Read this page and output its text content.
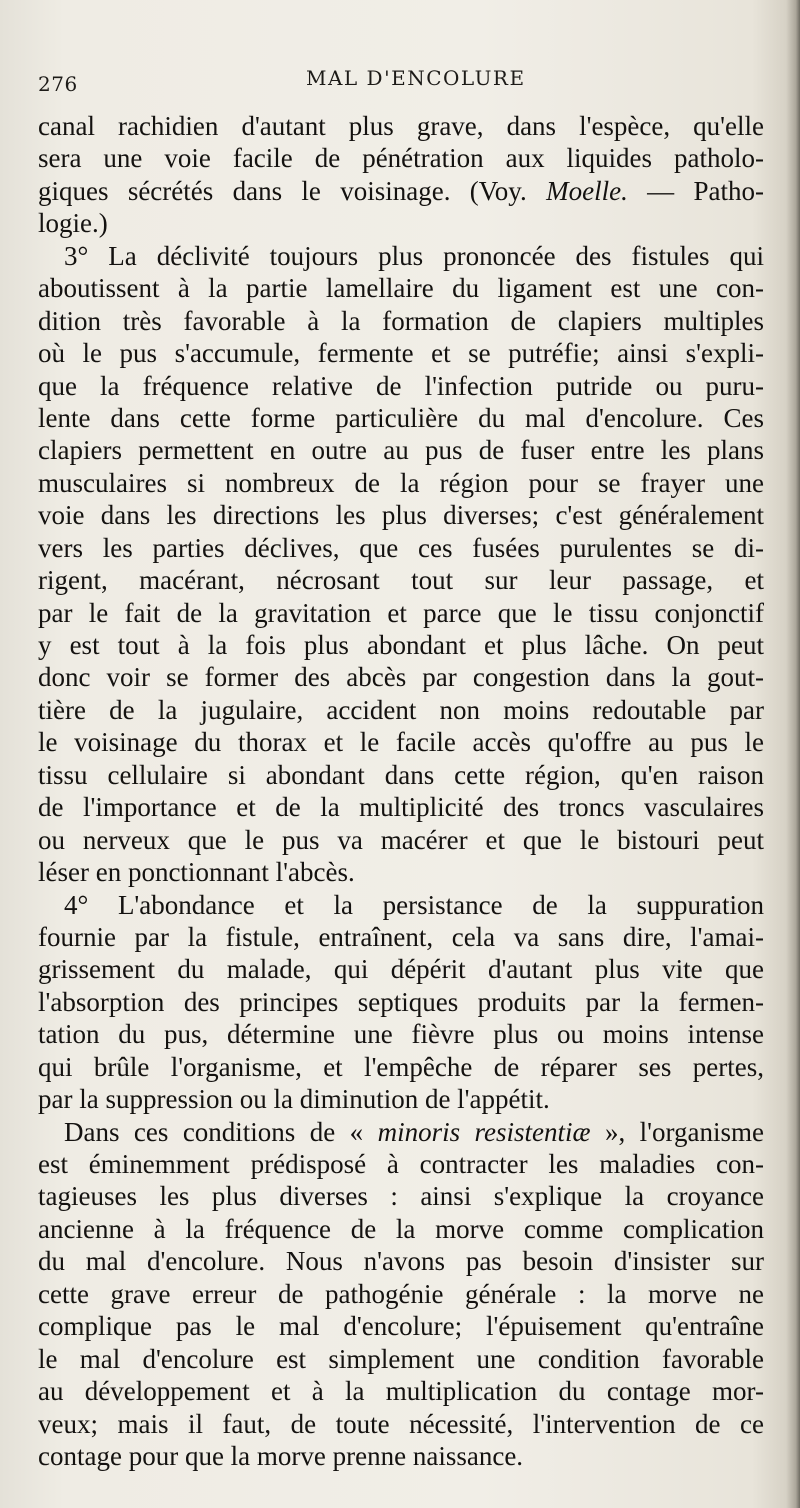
276	MAL D'ENCOLURE
canal rachidien d'autant plus grave, dans l'espèce, qu'elle
sera une voie facile de pénétration aux liquides patholo-
giques sécrétés dans le voisinage. (Voy. Moelle. — Patho-
logie.)
3° La déclivité toujours plus prononcée des fistules qui
aboutissent à la partie lamellaire du ligament est une con-
dition très favorable à la formation de clapiers multiples
où le pus s'accumule, fermente et se putréfie; ainsi s'expli-
que la fréquence relative de l'infection putride ou puru-
lente dans cette forme particulière du mal d'encolure. Ces
clapiers permettent en outre au pus de fuser entre les plans
musculaires si nombreux de la région pour se frayer une
voie dans les directions les plus diverses; c'est généralement
vers les parties déclives, que ces fusées purulentes se di-
rigent, macérant, nécrosant tout sur leur passage, et
par le fait de la gravitation et parce que le tissu conjonctif
y est tout à la fois plus abondant et plus lâche. On peut
donc voir se former des abcès par congestion dans la gout-
tière de la jugulaire, accident non moins redoutable par
le voisinage du thorax et le facile accès qu'offre au pus le
tissu cellulaire si abondant dans cette région, qu'en raison
de l'importance et de la multiplicité des troncs vasculaires
ou nerveux que le pus va macérer et que le bistouri peut
léser en ponctionnant l'abcès.
4° L'abondance et la persistance de la suppuration
fournie par la fistule, entraînent, cela va sans dire, l'amai-
grissement du malade, qui dépérit d'autant plus vite que
l'absorption des principes septiques produits par la fermen-
tation du pus, détermine une fièvre plus ou moins intense
qui brûle l'organisme, et l'empêche de réparer ses pertes,
par la suppression ou la diminution de l'appétit.
Dans ces conditions de « minoris resistentiæ », l'organisme
est éminemment prédisposé à contracter les maladies con-
tagieuses les plus diverses : ainsi s'explique la croyance
ancienne à la fréquence de la morve comme complication
du mal d'encolure. Nous n'avons pas besoin d'insister sur
cette grave erreur de pathogénie générale : la morve ne
complique pas le mal d'encolure; l'épuisement qu'entraîne
le mal d'encolure est simplement une condition favorable
au développement et à la multiplication du contage mor-
veux; mais il faut, de toute nécessité, l'intervention de ce
contage pour que la morve prenne naissance.
